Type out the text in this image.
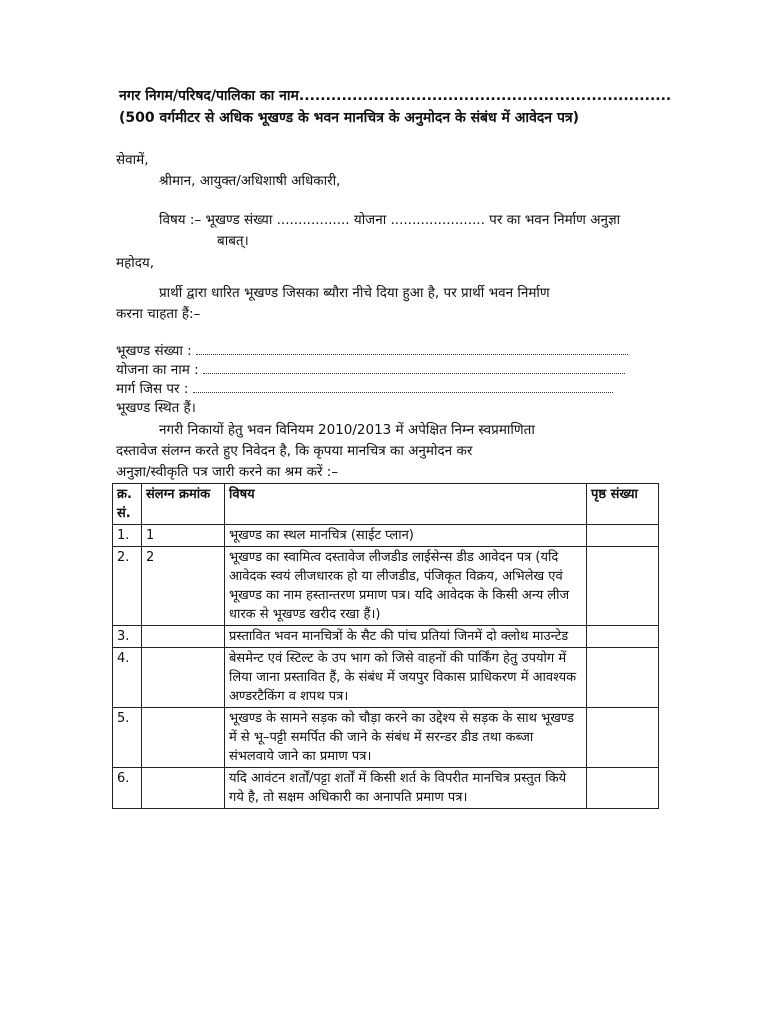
नगर निगम/परिषद/पालिका का नाम......................................................................
(500 वर्गमीटर से अधिक भूखण्ड के भवन मानचित्र के अनुमोदन के संबंध में आवेदन पत्र)
सेवामें,
श्रीमान, आयुक्त/अधिशाषी अधिकारी,
विषय :– भूखण्ड संख्या ................. योजना ...................... पर का भवन निर्माण अनुज्ञा
बाबत्।
महोदय,
प्रार्थी द्वारा धारित भूखण्ड जिसका ब्यौरा नीचे दिया हुआ है, पर प्रार्थी भवन निर्माण
करना चाहता हैं:–
भूखण्ड संख्या :
योजना का नाम :
मार्ग जिस पर :
भूखण्ड स्थित हैं।
नगरी निकायों हेतु भवन विनियम 2010/2013 में अपेक्षित निम्न स्वप्रमाणिता
दस्तावेज संलग्न करते हुए निवेदन है, कि कृपया मानचित्र का अनुमोदन कर
अनुज्ञा/स्वीकृति पत्र जारी करने का श्रम करें :–
क्र. सं.	संलग्न क्रमांक	विषय	पृष्ठ संख्या
1.	1	भूखण्ड का स्थल मानचित्र (साईट प्लान)	
2.	2	भूखण्ड का स्वामित्व दस्तावेज लीजडीड लाईसेन्स डीड आवेदन पत्र (यदि आवेदक स्वयं लीजधारक हो या लीजडीड, पंजिकृत विक्रय, अभिलेख एवं भूखण्ड का नाम हस्तान्तरण प्रमाण पत्र। यदि आवेदक के किसी अन्य लीज धारक से भूखण्ड खरीद रखा हैं।)	
3.		प्रस्तावित भवन मानचित्रों के सैट की पांच प्रतियां जिनमें दो क्लोथ माउन्टेड	
4.		बेसमेन्ट एवं स्टिल्ट के उप भाग को जिसे वाहनों की पार्किंग हेतु उपयोग में लिया जाना प्रस्तावित हैं, के संबंध में जयपुर विकास प्राधिकरण में आवश्यक अण्डरटैकिंग व शपथ पत्र।	
5.		भूखण्ड के सामने सड़क को चौड़ा करने का उद्देश्य से सड़क के साथ भूखण्ड में से भू–पट्टी समर्पित की जाने के संबंध में सरन्डर डीड तथा कब्जा संभलवाये जाने का प्रमाण पत्र।	
6.		यदि आवंटन शर्तों/पट्टा शर्तों में किसी शर्त के विपरीत मानचित्र प्रस्तुत किये गये है, तो सक्षम अधिकारी का अनापति प्रमाण पत्र।	
